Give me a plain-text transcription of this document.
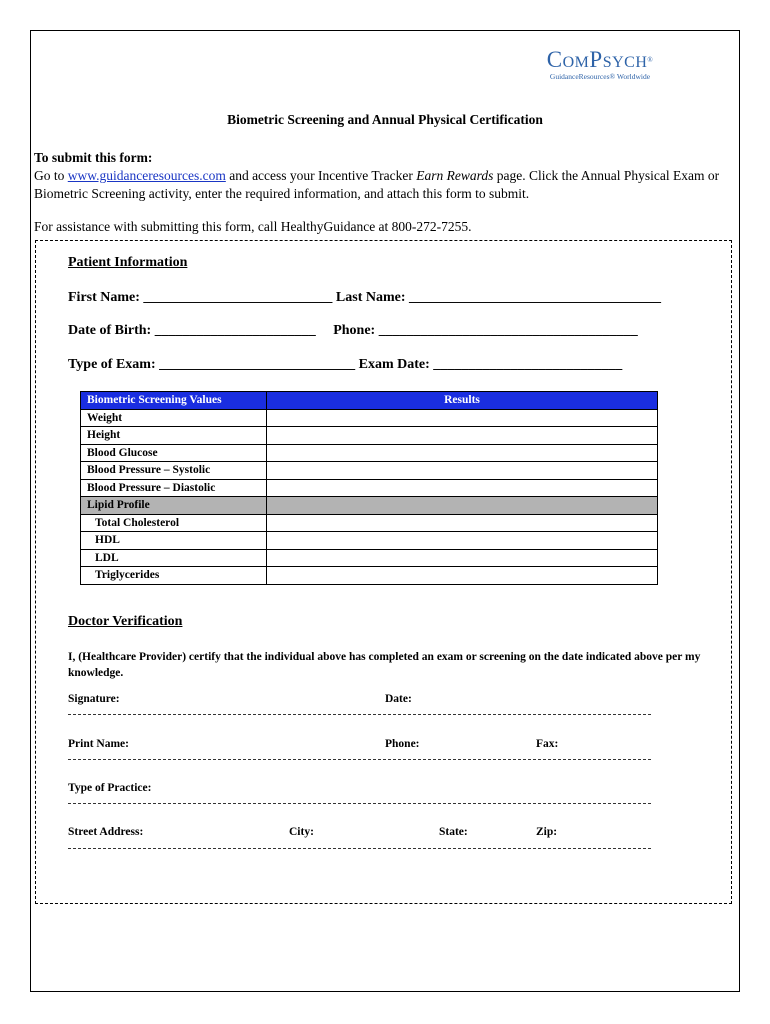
ComPsych®
GuidanceResources® Worldwide
Biometric Screening and Annual Physical Certification
To submit this form:
Go to www.guidanceresources.com and access your Incentive Tracker Earn Rewards page. Click the Annual Physical Exam or Biometric Screening activity, enter the required information, and attach this form to submit.
For assistance with submitting this form, call HealthyGuidance at 800-272-7255.
Patient Information
First Name: ___________________________ Last Name: ____________________________________
Date of Birth: _______________________     Phone: _____________________________________
Type of Exam: ____________________________ Exam Date: ___________________________
Biometric Screening Values	Results
Weight	
Height	
Blood Glucose	
Blood Pressure – Systolic	
Blood Pressure – Diastolic	
Lipid Profile	
Total Cholesterol	
HDL	
LDL	
Triglycerides	
Doctor Verification
I, (Healthcare Provider) certify that the individual above has completed an exam or screening on the date indicated above per my knowledge.
Signature:	Date:
Print Name:	Phone:	Fax:
Type of Practice:
Street Address:	City:	State:	Zip:
